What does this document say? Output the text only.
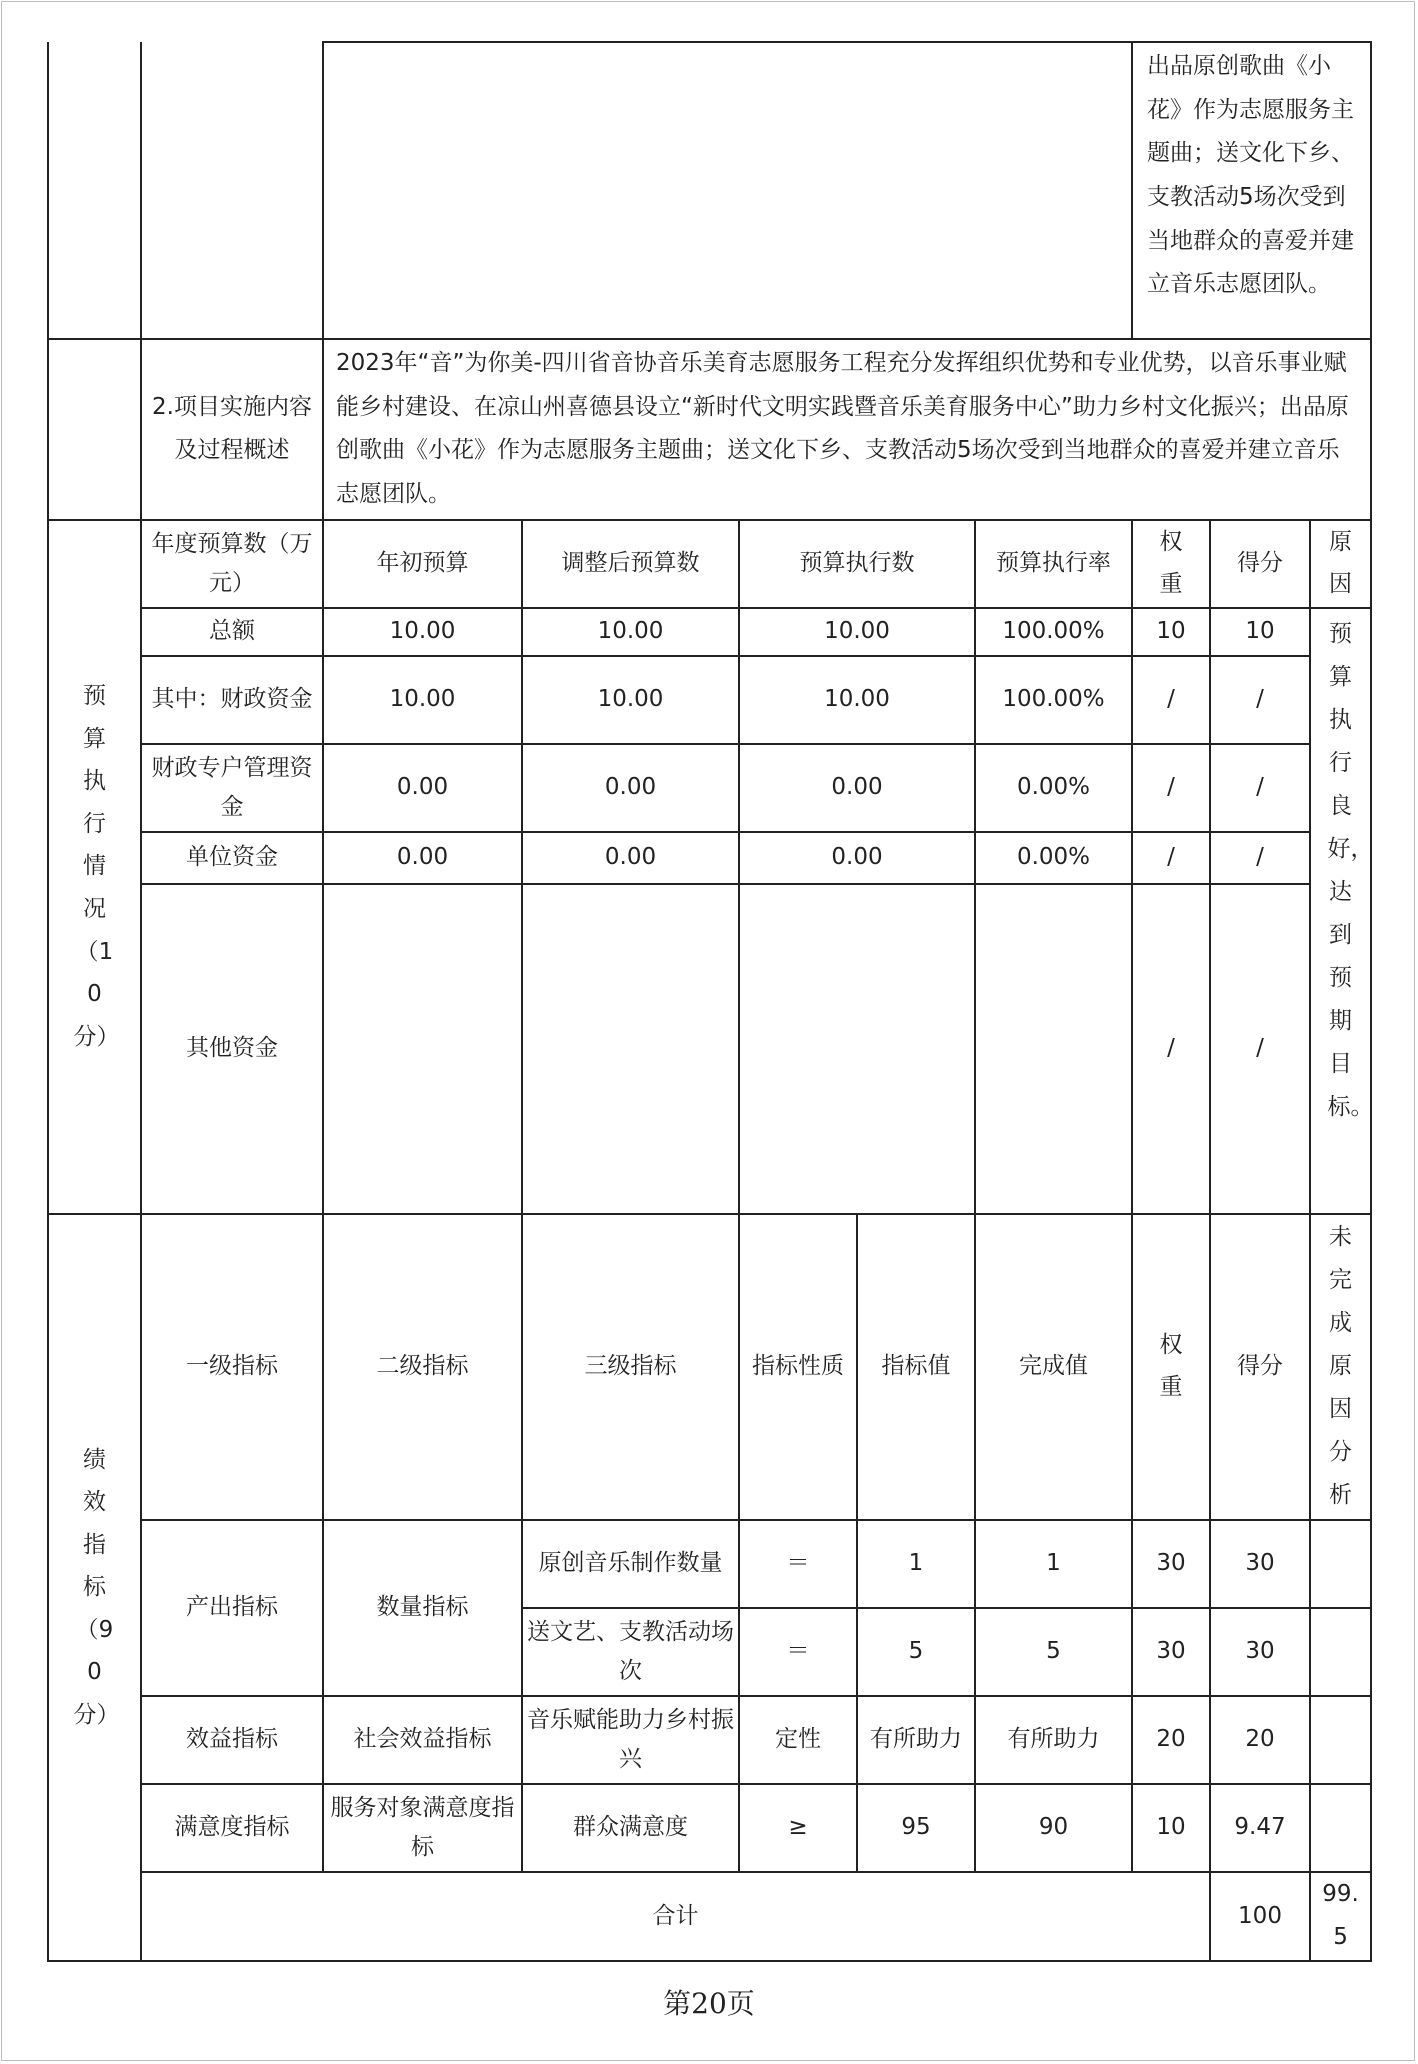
							出品原创歌曲《小花》作为志愿服务主题曲；送文化下乡、支教活动5场次受到当地群众的喜爱并建立音乐志愿团队。			
	2.项目实施内容及过程概述	2023年“音”为你美-四川省音协音乐美育志愿服务工程充分发挥组织优势和专业优势，以音乐事业赋能乡村建设、在凉山州喜德县设立“新时代文明实践暨音乐美育服务中心”助力乡村文化振兴；出品原创歌曲《小花》作为志愿服务主题曲；送文化下乡、支教活动5场次受到当地群众的喜爱并建立音乐志愿团队。								

预算执行情况（10分）	年度预算数（万元）	年初预算	调整后预算数	预算执行数		预算执行率	权重	得分	原因	

	总额	10.00	10.00	10.00		100.00%	10	10	预算执行良好，达到预期目标。	

	其中：财政资金	10.00	10.00	10.00		100.00%	/	/		
	财政专户管理资金	0.00	0.00	0.00		0.00%	/	/		
	单位资金	0.00	0.00	0.00		0.00%	/	/		
	其他资金						/	/		

绩效指标（90分）	一级指标	二级指标	三级指标	指标性质	指标值	完成值	权重	得分	未完成原因分析	

	产出指标	数量指标	原创音乐制作数量	＝	1	1	30	30		
			送文艺、支教活动场次	＝	5	5	30	30		
	效益指标	社会效益指标	音乐赋能助力乡村振兴	定性	有所助力	有所助力	20	20		
	满意度指标	服务对象满意度指标	群众满意度	≥	95	90	10	9.47		
	合计							100	99.5	
第20页
